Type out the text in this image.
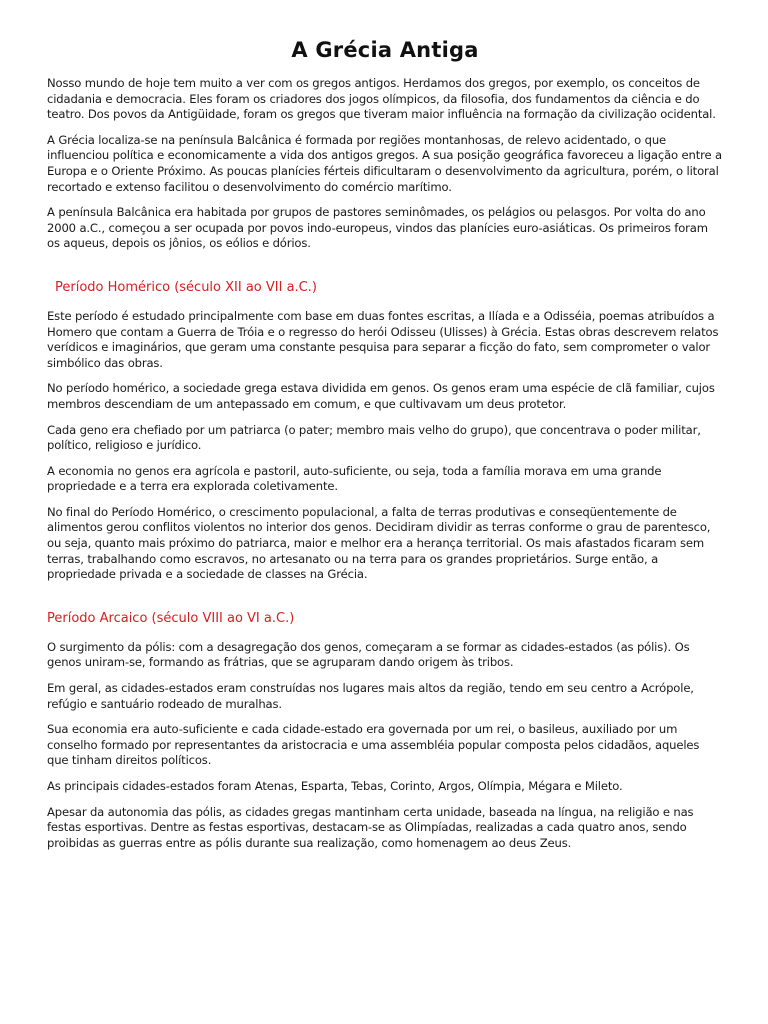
A Grécia Antiga

Nosso mundo de hoje tem muito a ver com os gregos antigos. Herdamos dos gregos, por exemplo, os conceitos de cidadania e democracia. Eles foram os criadores dos jogos olímpicos, da filosofia, dos fundamentos da ciência e do teatro. Dos povos da Antigüidade, foram os gregos que tiveram maior influência na formação da civilização ocidental.

A Grécia localiza-se na península Balcânica é formada por regiões montanhosas, de relevo acidentado, o que influenciou política e economicamente a vida dos antigos gregos. A sua posição geográfica favoreceu a ligação entre a Europa e o Oriente Próximo. As poucas planícies férteis dificultaram o desenvolvimento da agricultura, porém, o litoral recortado e extenso facilitou o desenvolvimento do comércio marítimo.

A península Balcânica era habitada por grupos de pastores seminômades, os pelágios ou pelasgos. Por volta do ano 2000 a.C., começou a ser ocupada por povos indo-europeus, vindos das planícies euro-asiáticas. Os primeiros foram os aqueus, depois os jônios, os eólios e dórios.

Período Homérico (século XII ao VII a.C.)

Este período é estudado principalmente com base em duas fontes escritas, a Ilíada e a Odisséia, poemas atribuídos a Homero que contam a Guerra de Tróia e o regresso do herói Odisseu (Ulisses) à Grécia. Estas obras descrevem relatos verídicos e imaginários, que geram uma constante pesquisa para separar a ficção do fato, sem comprometer o valor simbólico das obras.

No período homérico, a sociedade grega estava dividida em genos. Os genos eram uma espécie de clã familiar, cujos membros descendiam de um antepassado em comum, e que cultivavam um deus protetor.

Cada geno era chefiado por um patriarca (o pater; membro mais velho do grupo), que concentrava o poder militar, político, religioso e jurídico.

A economia no genos era agrícola e pastoril, auto-suficiente, ou seja, toda a família morava em uma grande propriedade e a terra era explorada coletivamente.

No final do Período Homérico, o crescimento populacional, a falta de terras produtivas e conseqüentemente de alimentos gerou conflitos violentos no interior dos genos. Decidiram dividir as terras conforme o grau de parentesco, ou seja, quanto mais próximo do patriarca, maior e melhor era a herança territorial. Os mais afastados ficaram sem terras, trabalhando como escravos, no artesanato ou na terra para os grandes proprietários. Surge então, a propriedade privada e a sociedade de classes na Grécia.

Período Arcaico (século VIII ao VI a.C.)

O surgimento da pólis: com a desagregação dos genos, começaram a se formar as cidades-estados (as pólis). Os genos uniram-se, formando as frátrias, que se agruparam dando origem às tribos.

Em geral, as cidades-estados eram construídas nos lugares mais altos da região, tendo em seu centro a Acrópole, refúgio e santuário rodeado de muralhas.

Sua economia era auto-suficiente e cada cidade-estado era governada por um rei, o basileus, auxiliado por um conselho formado por representantes da aristocracia e uma assembléia popular composta pelos cidadãos, aqueles que tinham direitos políticos.

As principais cidades-estados foram Atenas, Esparta, Tebas, Corinto, Argos, Olímpia, Mégara e Mileto.

Apesar da autonomia das pólis, as cidades gregas mantinham certa unidade, baseada na língua, na religião e nas festas esportivas. Dentre as festas esportivas, destacam-se as Olimpíadas, realizadas a cada quatro anos, sendo proibidas as guerras entre as pólis durante sua realização, como homenagem ao deus Zeus.
